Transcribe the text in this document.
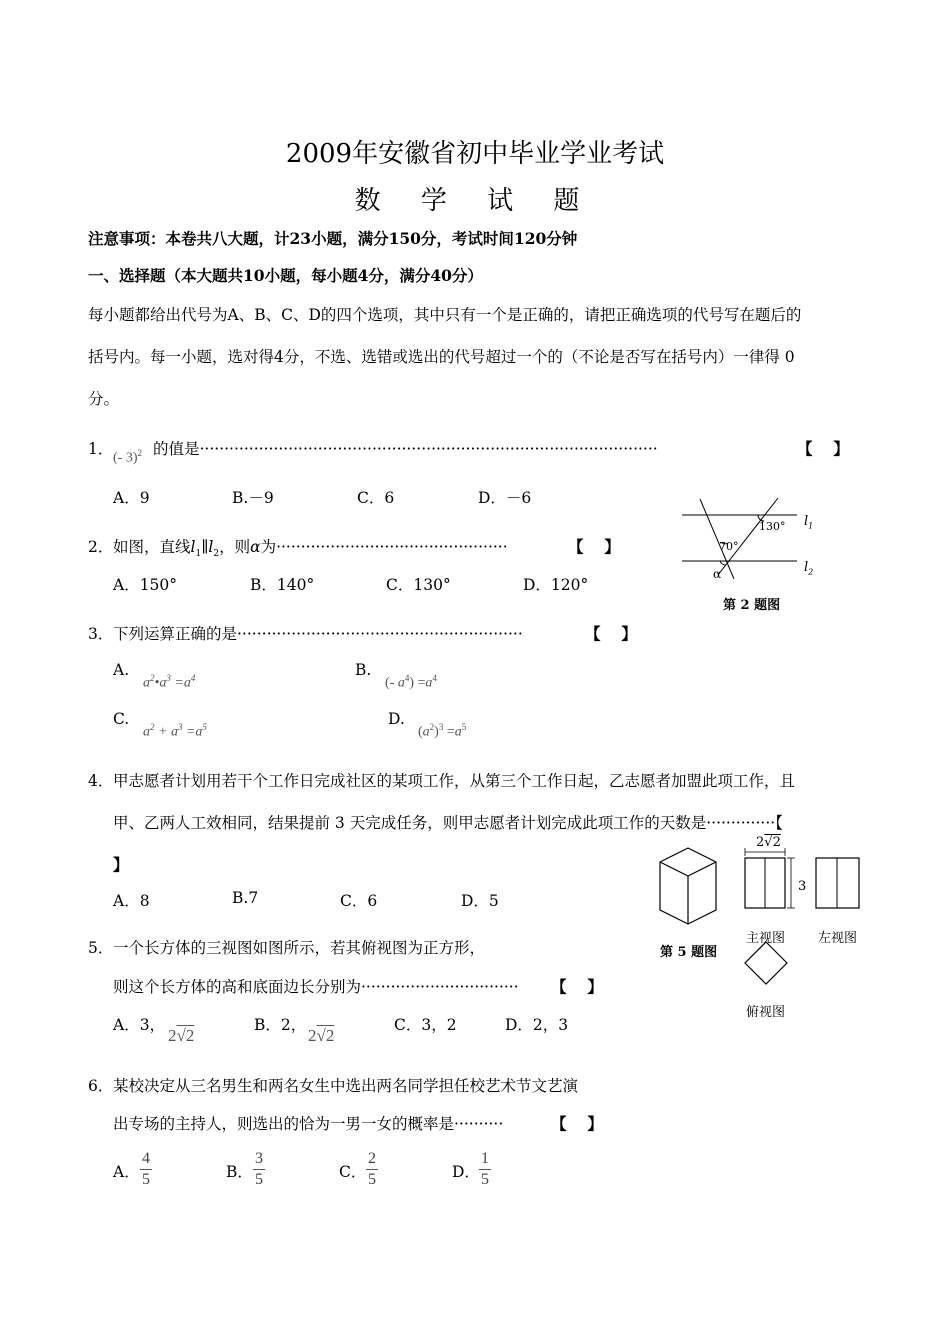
2009年安徽省初中毕业学业考试
数 学 试 题
注意事项：本卷共八大题，计23小题，满分150分，考试时间120分钟
一、选择题（本大题共10小题，每小题4分，满分40分）
每小题都给出代号为A、B、C、D的四个选项，其中只有一个是正确的，请把正确选项的代号写在题后的
括号内。每一小题，选对得4分，不选、选错或选出的代号超过一个的（不论是否写在括号内）一律得 0
分。
1．
(- 3)$^2$ 的值是·····························································································	【　 】
A．9	B.－9	C．6	D．－6
2． 如图，直线$l_1\parallel l_2$，则α为···············································	【　 】
A．150°	B．140°	C．130°	D．120°
130°
70°
α
$l_1$
$l_2$
第 2 题图
3． 下列运算正确的是··························································	【　 】
A.
$a^2•a^3 =a^4$	B.
(- $a^4) =a^4$
C.
$a^2 + a^3 =a^5$	D.
$(a^2)^3 =a^5$
4． 甲志愿者计划用若干个工作日完成社区的某项工作，从第三个工作日起，乙志愿者加盟此项工作，且
甲、乙两人工效相同，结果提前 3 天完成任务，则甲志愿者计划完成此项工作的天数是··············【
】
A．8	B.7	C．6	D．5
2√2
3
第 5 题图
主视图	左视图
俯视图
5． 一个长方体的三视图如图所示，若其俯视图为正方形，
则这个长方体的高和底面边长分别为································ 【　 】
A．3，
2√2
B．2，
2√2
C．3，2	D．2，3
6． 某校决定从三名男生和两名女生中选出两名同学担任校艺术节文艺演
出专场的主持人，则选出的恰为一男一女的概率是··········	【　 】
A． $\frac{4}{5}$	B． $\frac{3}{5}$	C． $\frac{2}{5}$	D． $\frac{1}{5}$
